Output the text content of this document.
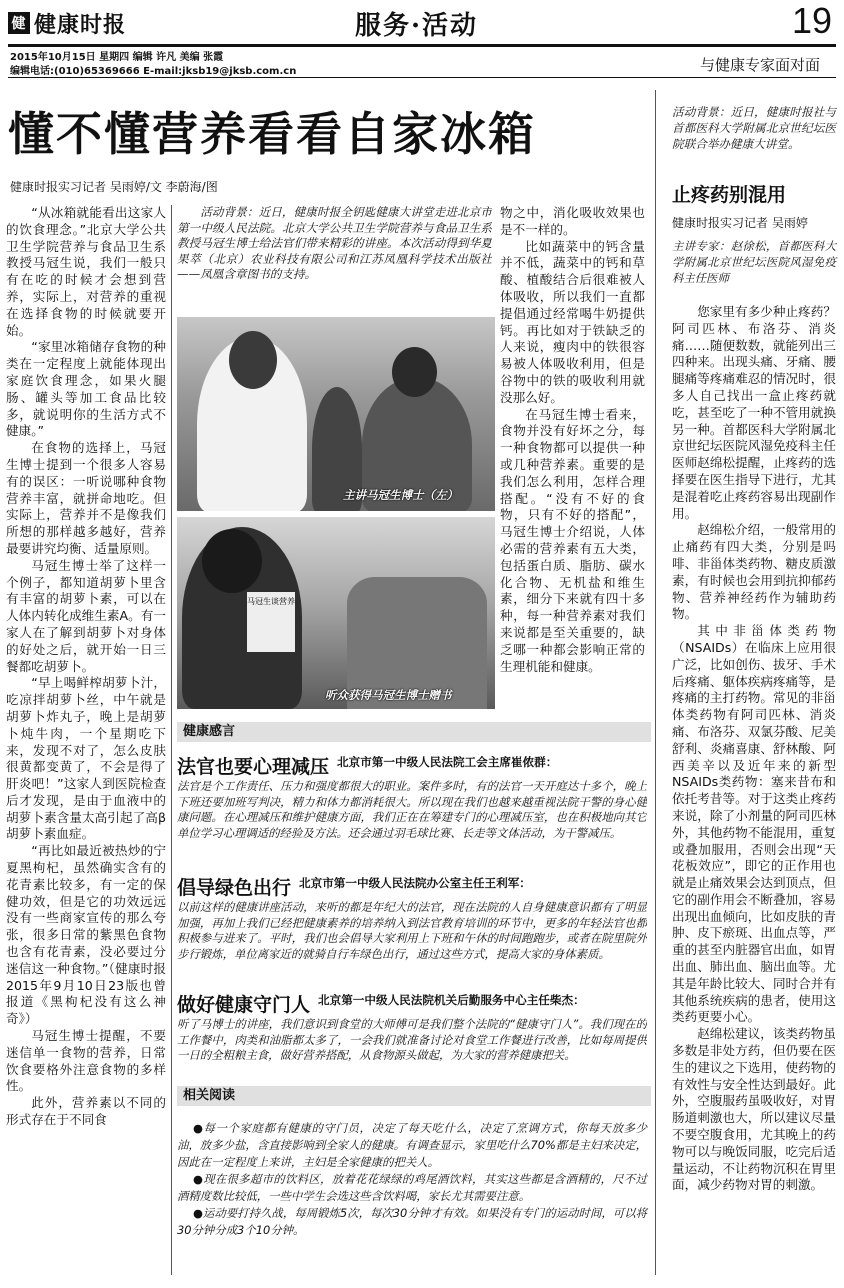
健 健康时报	服务·活动	19
2015年10月15日 星期四 编辑 许凡 美编 张霞
编辑电话:(010)65369666 E-mail:jksb19@jksb.com.cn	与健康专家面对面
懂不懂营养看看自家冰箱
健康时报实习记者 吴雨婷/文 李蔚海/图

“从冰箱就能看出这家人的饮食理念。”北京大学公共卫生学院营养与食品卫生系教授马冠生说，我们一般只有在吃的时候才会想到营养，实际上，对营养的重视在选择食物的时候就要开始。

“家里冰箱储存食物的种类在一定程度上就能体现出家庭饮食理念，如果火腿肠、罐头等加工食品比较多，就说明你的生活方式不健康。”

在食物的选择上，马冠生博士提到一个很多人容易有的误区：一听说哪种食物营养丰富，就拼命地吃。但实际上，营养并不是像我们所想的那样越多越好，营养最要讲究均衡、适量原则。

马冠生博士举了这样一个例子，都知道胡萝卜里含有丰富的胡萝卜素，可以在人体内转化成维生素A。有一家人在了解到胡萝卜对身体的好处之后，就开始一日三餐都吃胡萝卜。

“早上喝鲜榨胡萝卜汁，吃凉拌胡萝卜丝，中午就是胡萝卜炸丸子，晚上是胡萝卜炖牛肉，一个星期吃下来，发现不对了，怎么皮肤很黄都变黄了，不会是得了肝炎吧！”这家人到医院检查后才发现，是由于血液中的胡萝卜素含量太高引起了高β胡萝卜素血症。

“再比如最近被热炒的宁夏黑枸杞，虽然确实含有的花青素比较多，有一定的保健功效，但是它的功效远远没有一些商家宣传的那么夸张，很多日常的紫黑色食物也含有花青素，没必要过分迷信这一种食物。”（健康时报2015年9月10日23版也曾报道《黑枸杞没有这么神奇》）

马冠生博士提醒，不要迷信单一食物的营养，日常饮食要格外注意食物的多样性。

此外，营养素以不同的形式存在于不同食

活动背景：近日，健康时报全钥匙健康大讲堂走进北京市第一中级人民法院。北京大学公共卫生学院营养与食品卫生系教授马冠生博士给法官们带来精彩的讲座。本次活动得到华夏果萃（北京）农业科技有限公司和江苏凤凰科学技术出版社——凤凰含章图书的支持。

主讲马冠生博士（左）
马冠生谈营养
听众获得马冠生博士赠书

物之中，消化吸收效果也是不一样的。

比如蔬菜中的钙含量并不低，蔬菜中的钙和草酸、植酸结合后很难被人体吸收，所以我们一直都提倡通过经常喝牛奶提供钙。再比如对于铁缺乏的人来说，瘦肉中的铁很容易被人体吸收利用，但是谷物中的铁的吸收利用就没那么好。

在马冠生博士看来，食物并没有好坏之分，每一种食物都可以提供一种或几种营养素。重要的是我们怎么利用，怎样合理搭配。“没有不好的食物，只有不好的搭配”，马冠生博士介绍说，人体必需的营养素有五大类，包括蛋白质、脂肪、碳水化合物、无机盐和维生素，细分下来就有四十多种，每一种营养素对我们来说都是至关重要的，缺乏哪一种都会影响正常的生理机能和健康。

健康感言
法官也要心理减压 北京市第一中级人民法院工会主席崔侬群：
法官是个工作责任、压力和强度都很大的职业。案件多时，有的法官一天开庭达十多个，晚上下班还要加班写判决，精力和体力都消耗很大。所以现在我们也越来越重视法院干警的身心健康问题。在心理减压和维护健康方面，我们正在在筹建专门的心理减压室，也在积极地向其它单位学习心理调适的经验及方法。还会通过羽毛球比赛、长走等文体活动，为干警减压。
倡导绿色出行 北京市第一中级人民法院办公室主任王利军：
以前这样的健康讲座活动，来听的都是年纪大的法官，现在法院的人自身健康意识都有了明显加强，再加上我们已经把健康素养的培养纳入到法官教育培训的环节中，更多的年轻法官也都积极参与进来了。平时，我们也会倡导大家利用上下班和午休的时间跑跑步，或者在院里院外步行锻炼，单位离家近的就骑自行车绿色出行，通过这些方式，提高大家的身体素质。
做好健康守门人 北京第一中级人民法院机关后勤服务中心主任柴杰：
听了马博士的讲座，我们意识到食堂的大师傅可是我们整个法院的“健康守门人”。我们现在的工作餐中，肉类和油脂都太多了，一会我们就准备讨论对食堂工作餐进行改善，比如每周提供一日的全粗粮主食，做好营养搭配，从食物源头做起，为大家的营养健康把关。
相关阅读

●每一个家庭都有健康的守门员，决定了每天吃什么，决定了烹调方式，你每天放多少油，放多少盐，含直接影响到全家人的健康。有调查显示，家里吃什么70%都是主妇来决定，因此在一定程度上来讲，主妇是全家健康的把关人。

●现在很多超市的饮料区，放着花花绿绿的鸡尾酒饮料，其实这些都是含酒精的，尺不过酒精度数比较低，一些中学生会选这些含饮料喝，家长尤其需要注意。

●运动要打持久战，每周锻炼5次，每次30分钟才有效。如果没有专门的运动时间，可以将30分钟分成3个10分钟。

活动背景：近日，健康时报社与首都医科大学附属北京世纪坛医院联合举办健康大讲堂。
止疼药别混用
健康时报实习记者 吴雨婷
主讲专家：赵徐松，首都医科大学附属北京世纪坛医院风湿免疫科主任医师

您家里有多少种止疼药？阿司匹林、布洛芬、消炎痛……随便数数，就能列出三四种来。出现头痛、牙痛、腰腿痛等疼痛难忍的情况时，很多人自己找出一盒止疼药就吃，甚至吃了一种不管用就换另一种。首都医科大学附属北京世纪坛医院风湿免疫科主任医师赵绵松提醒，止疼药的选择要在医生指导下进行，尤其是混着吃止疼药容易出现副作用。

赵绵松介绍，一般常用的止痛药有四大类，分别是吗啡、非甾体类药物、糖皮质激素，有时候也会用到抗抑郁药物、营养神经药作为辅助药物。

其中非甾体类药物（NSAIDs）在临床上应用很广泛，比如创伤、拔牙、手术后疼痛、躯体疾病疼痛等，是疼痛的主打药物。常见的非甾体类药物有阿司匹林、消炎痛、布洛芬、双氯芬酸、尼美舒利、炎痛喜康、舒林酸、阿西美辛以及近年来的新型NSAIDs类药物：塞来昔布和依托考昔等。对于这类止疼药来说，除了小剂量的阿司匹林外，其他药物不能混用，重复或叠加服用，否则会出现“天花板效应”，即它的正作用也就是止痛效果会达到顶点，但它的副作用会不断叠加，容易出现出血倾向，比如皮肤的青肿、皮下瘀斑、出血点等，严重的甚至内脏器官出血，如胃出血、肺出血、脑出血等。尤其是年龄比较大、同时合并有其他系统疾病的患者，使用这类药更要小心。

赵绵松建议，该类药物虽多数是非处方药，但仍要在医生的建议之下选用，使药物的有效性与安全性达到最好。此外，空腹服药虽吸收好，对胃肠道刺激也大，所以建议尽量不要空腹食用，尤其晚上的药物可以与晚饭同服，吃完后适量运动，不让药物沉积在胃里面，减少药物对胃的刺激。
